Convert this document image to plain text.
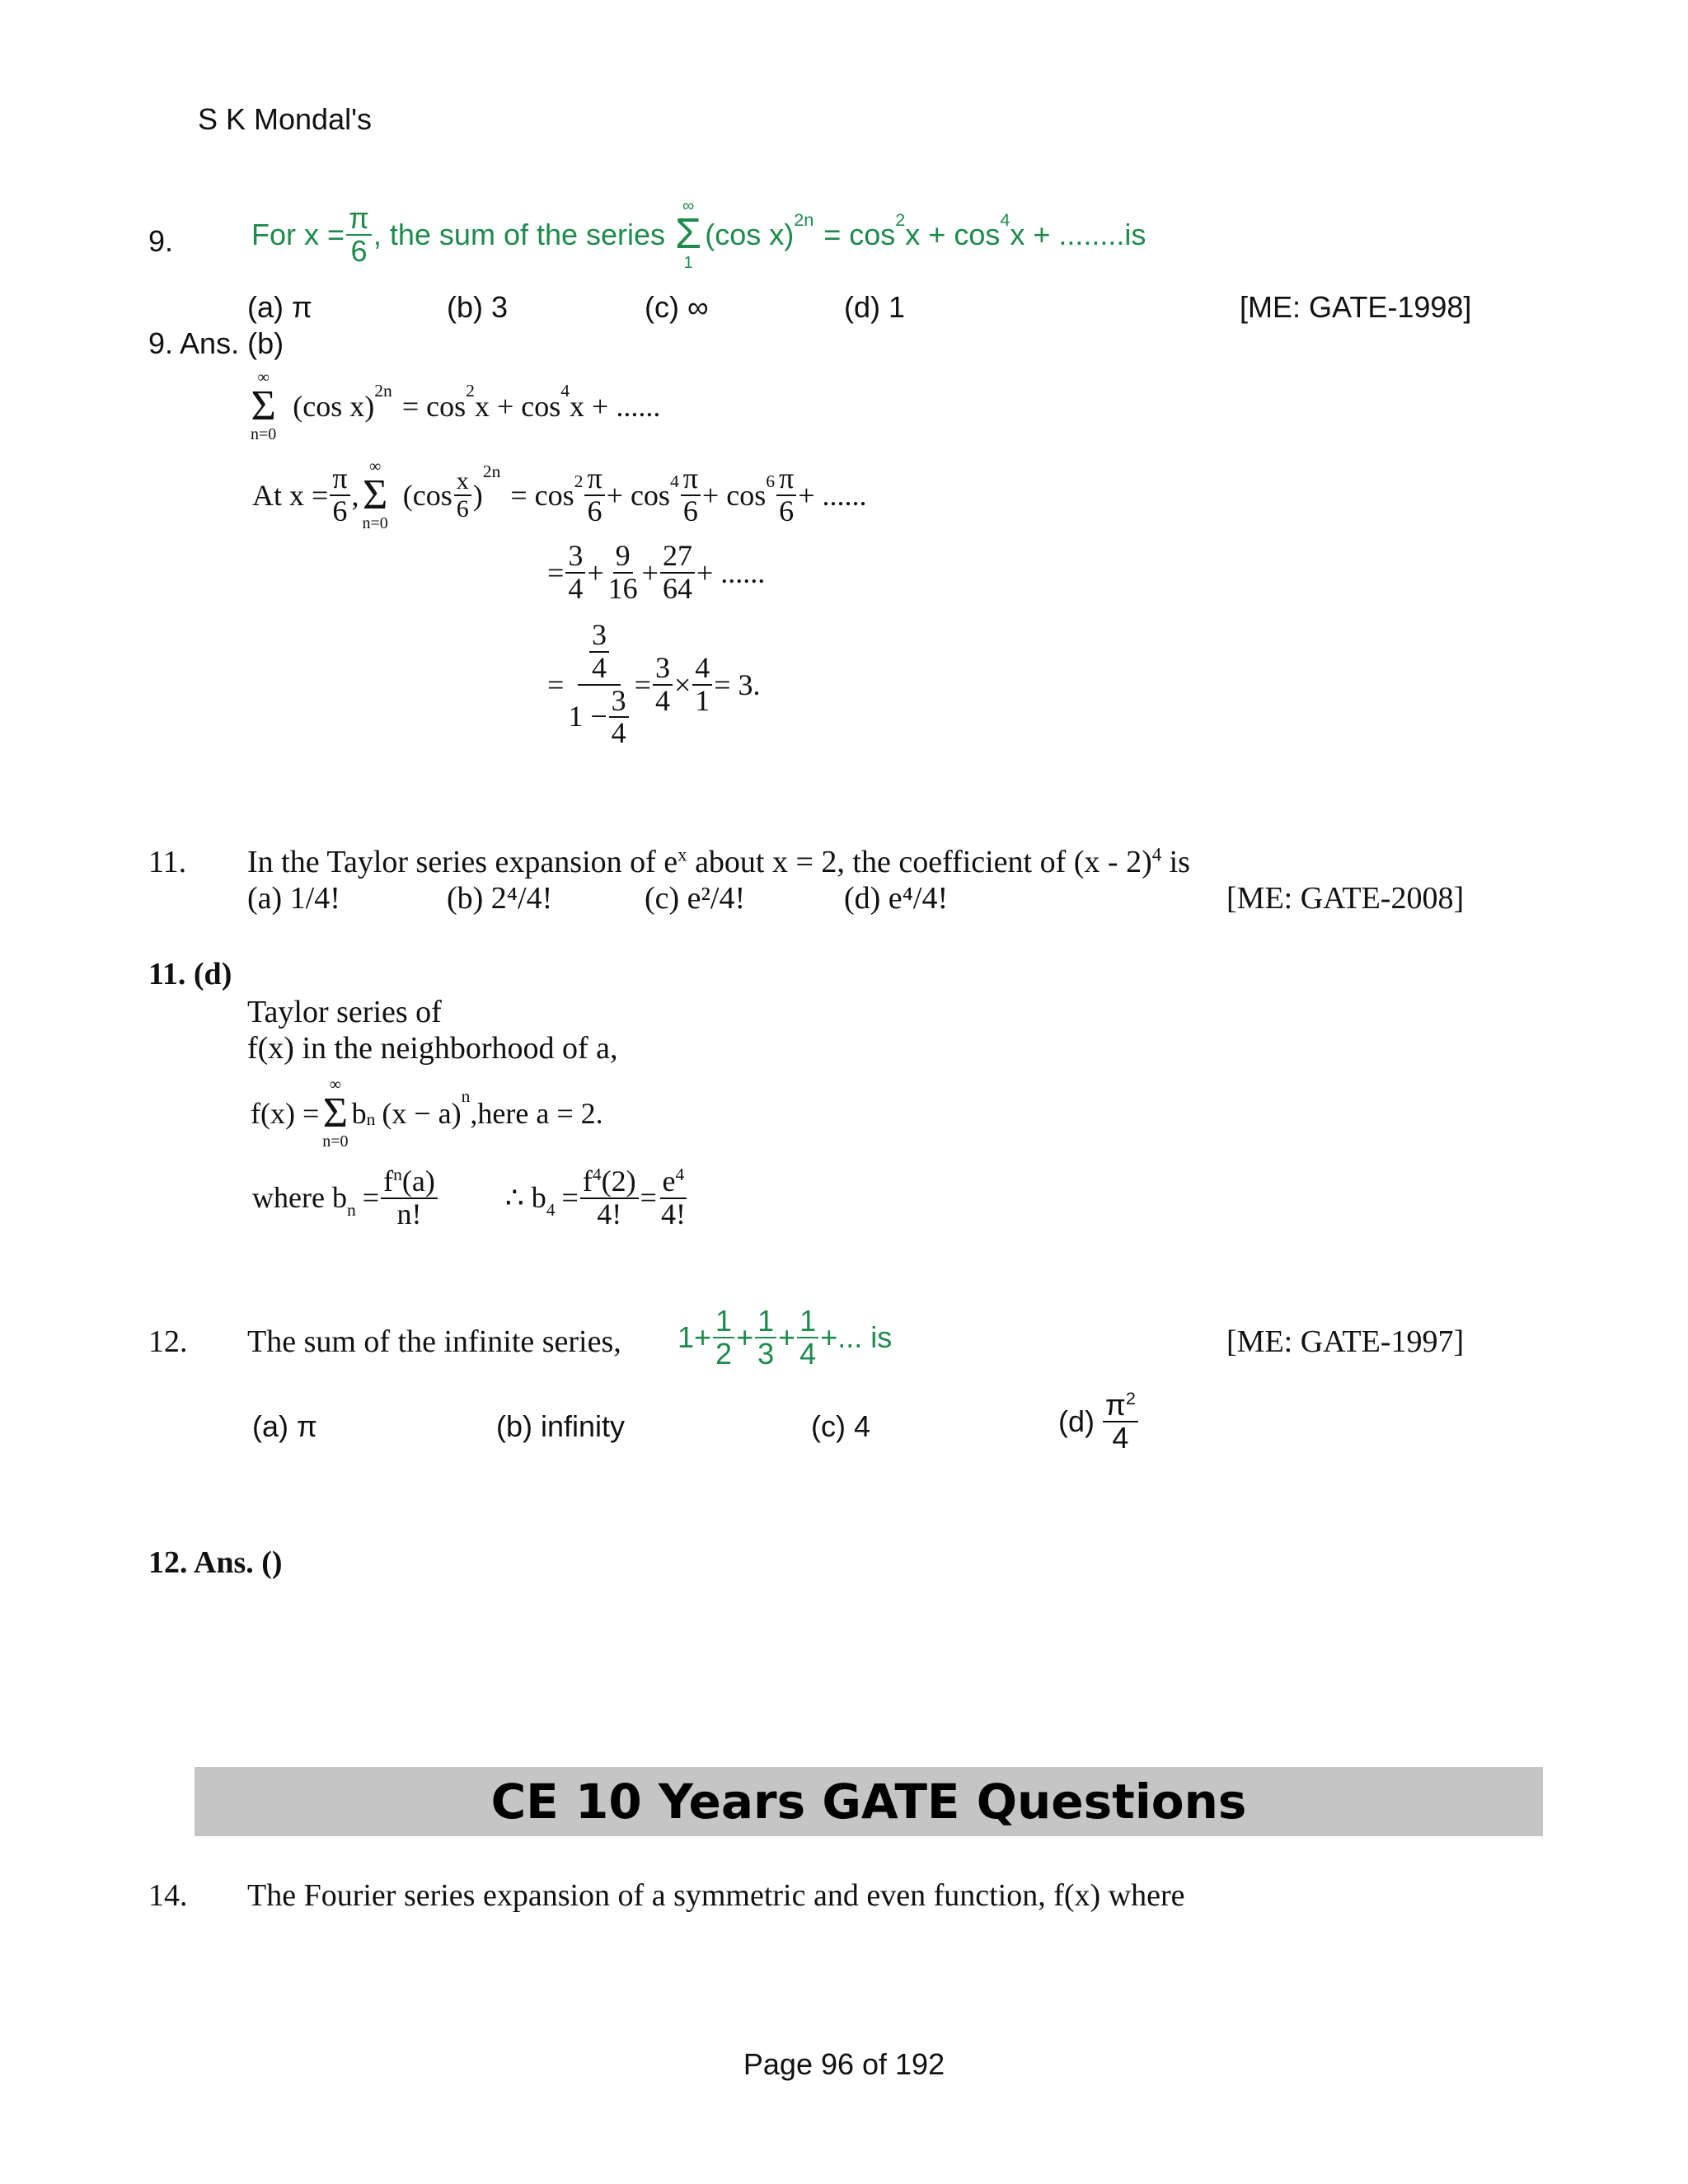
S K Mondal's
9.	For $x = \frac{\pi}{6}$ , the sum of the series
∞
Σ
1
(cos $x)^{2n} = \cos^2 x + \cos^4 x + ........is$
(a) π	(b) 3	(c) ∞	(d) 1	[ME: GATE-1998]
9. Ans. (b)
∞
Σ
n=0
(cos $x)^{2n} = \cos^2 x + \cos^4 x$ + ......
At $x = \frac{\pi}{6}$ ,
∞
Σ
n=0
($\cos \frac{x}{6}$ )
$^{2n}$
= $\cos^2 \frac{\pi}{6} + \cos^4 \frac{\pi}{6} + \cos^6 \frac{\pi}{6}$ + ......
= $\frac{3}{4} + \frac{9}{16} + \frac{27}{64}$ + ......
= $\frac{\frac{3}{4}}{1 - \frac{3}{4}} = \frac{3}{4} \times \frac{4}{1} = 3$.
11. In the Taylor series expansion of $e^x$ about x = 2, the coefficient of (x - 2)$^4$ is
(a) 1/4!	(b) 2⁴/4!	(c) e²/4!	(d) e⁴/4!	[ME: GATE-2008]
11. (d)
Taylor series of
f(x) in the neighborhood of a,
f(x) =
∞
Σ
n=0
$b_n$ (x − a)
$^n$
,here a = 2.
where $b_n = \frac{f^n(a)}{n!}$ ∴ $b_4 = \frac{f^4(2)}{4!} = \frac{e^4}{4!}$
12. The sum of the infinite series, $1+ \frac{1}{2} + \frac{1}{3} + \frac{1}{4}$ +... is	[ME: GATE-1997]
(a) π	(b) infinity	(c) 4	$(d) \frac{\pi^2}{4}$
12. Ans. ()
CE 10 Years GATE Questions
14. The Fourier series expansion of a symmetric and even function, f(x) where
Page 96 of 192
